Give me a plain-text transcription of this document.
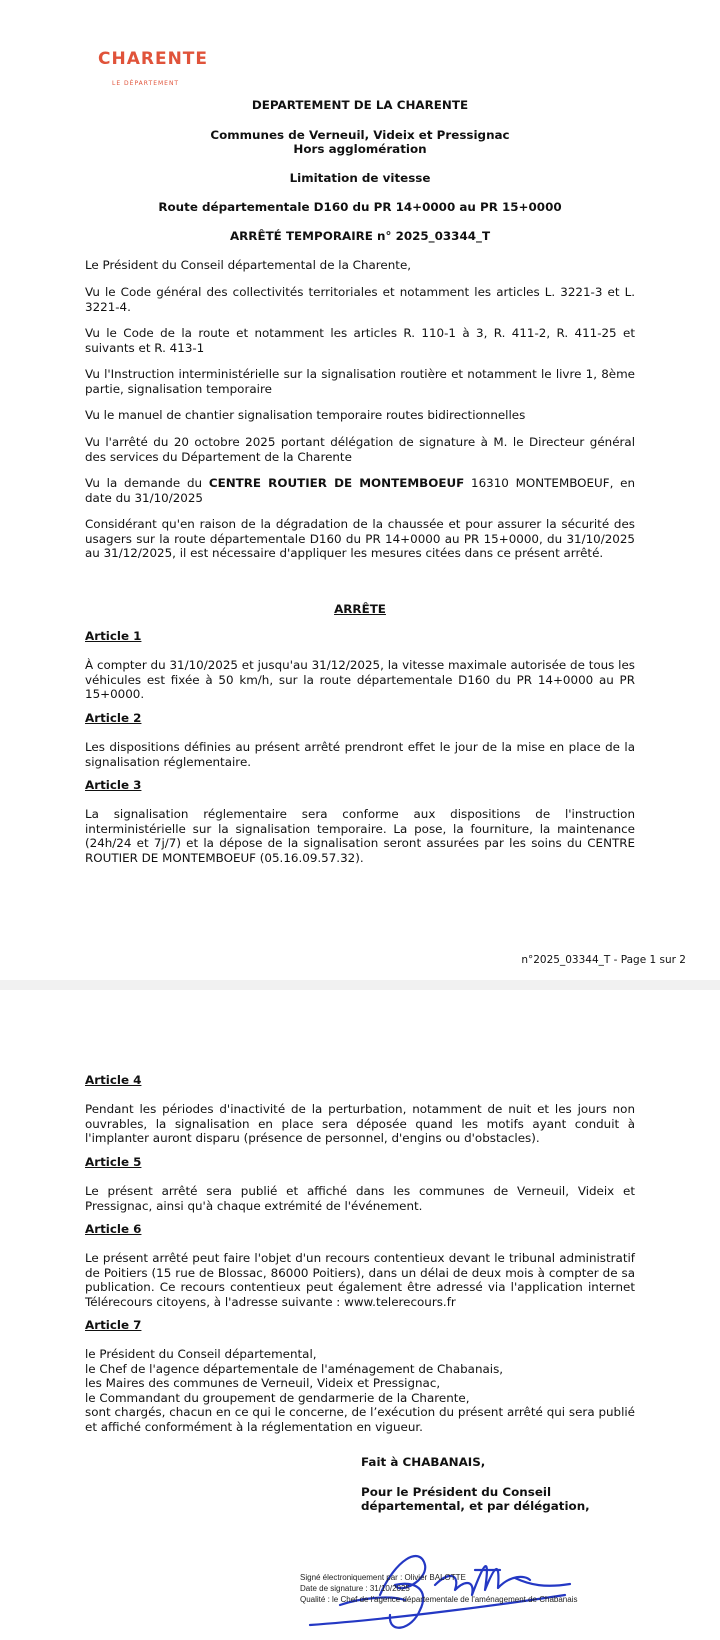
CHARENTE
LE DÉPARTEMENT
DEPARTEMENT DE LA CHARENTE
Communes de Verneuil, Videix et Pressignac
Hors agglomération
Limitation de vitesse
Route départementale D160 du PR 14+0000 au PR 15+0000
ARRÊTÉ TEMPORAIRE n° 2025_03344_T
Le Président du Conseil départemental de la Charente,
Vu le Code général des collectivités territoriales et notamment les articles L. 3221-3 et L. 3221-4.
Vu le Code de la route et notamment les articles R. 110-1 à 3, R. 411-2, R. 411-25 et suivants et R. 413-1
Vu l'Instruction interministérielle sur la signalisation routière et notamment le livre 1, 8ème partie, signalisation temporaire
Vu le manuel de chantier signalisation temporaire routes bidirectionnelles
Vu l'arrêté du 20 octobre 2025 portant délégation de signature à M. le Directeur général des services du Département de la Charente
Vu la demande du CENTRE ROUTIER DE MONTEMBOEUF 16310 MONTEMBOEUF, en date du 31/10/2025
Considérant qu'en raison de la dégradation de la chaussée et pour assurer la sécurité des usagers sur la route départementale D160 du PR 14+0000 au PR 15+0000, du 31/10/2025 au 31/12/2025, il est nécessaire d'appliquer les mesures citées dans ce présent arrêté.
ARRÊTE
Article 1
À compter du 31/10/2025 et jusqu'au 31/12/2025, la vitesse maximale autorisée de tous les véhicules est fixée à 50 km/h, sur la route départementale D160 du PR 14+0000 au PR 15+0000.
Article 2
Les dispositions définies au présent arrêté prendront effet le jour de la mise en place de la signalisation réglementaire.
Article 3
La signalisation réglementaire sera conforme aux dispositions de l'instruction interministérielle sur la signalisation temporaire. La pose, la fourniture, la maintenance (24h/24 et 7j/7) et la dépose de la signalisation seront assurées par les soins du CENTRE ROUTIER DE MONTEMBOEUF (05.16.09.57.32).
n°2025_03344_T - Page 1 sur 2
Article 4
Pendant les périodes d'inactivité de la perturbation, notamment de nuit et les jours non ouvrables, la signalisation en place sera déposée quand les motifs ayant conduit à l'implanter auront disparu (présence de personnel, d'engins ou d'obstacles).
Article 5
Le présent arrêté sera publié et affiché dans les communes de Verneuil, Videix et Pressignac, ainsi qu'à chaque extrémité de l'événement.
Article 6
Le présent arrêté peut faire l'objet d'un recours contentieux devant le tribunal administratif de Poitiers (15 rue de Blossac, 86000 Poitiers), dans un délai de deux mois à compter de sa publication. Ce recours contentieux peut également être adressé via l'application internet Télérecours citoyens, à l'adresse suivante : www.telerecours.fr
Article 7
le Président du Conseil départemental,
le Chef de l'agence départementale de l'aménagement de Chabanais,
les Maires des communes de Verneuil, Videix et Pressignac,
le Commandant du groupement de gendarmerie de la Charente,
sont chargés, chacun en ce qui le concerne, de l’exécution du présent arrêté qui sera publié et affiché conformément à la réglementation en vigueur.
Fait à CHABANAIS,
Pour le Président du Conseil
départemental, et par délégation,
Signé électroniquement par : Olivier BALOTTE
Date de signature : 31/10/2025
Qualité : le Chef de l'agence départementale de l'aménagement de Chabanais
